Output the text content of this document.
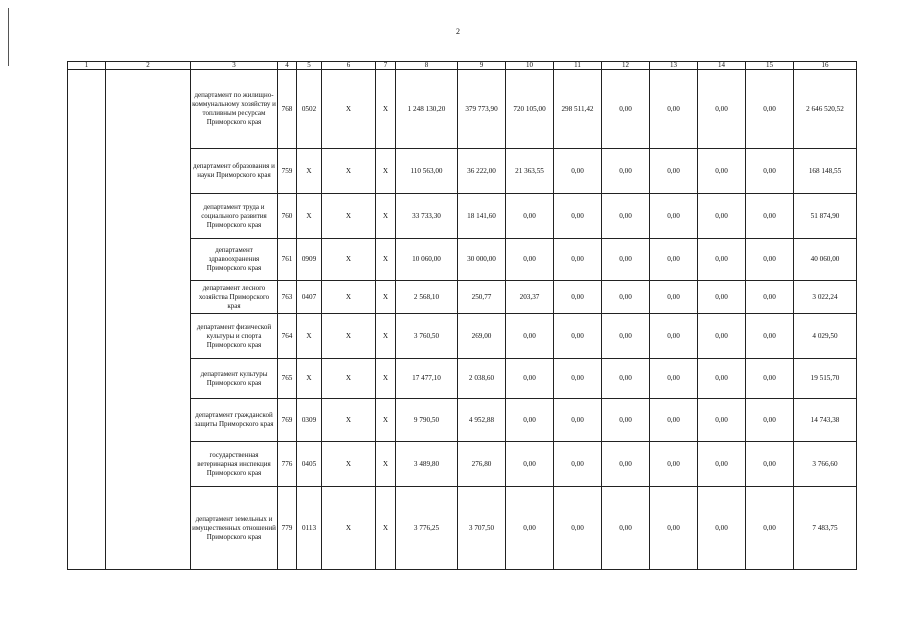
2
1	2	3	4	5	6	7	8	9	10	11	12	13	14	15	16
		департамент по жилищно-коммунальному хозяйству и топливным ресурсам Приморского края	768	0502	X	X	1 248 130,20	379 773,90	720 105,00	298 511,42	0,00	0,00	0,00	0,00	2 646 520,52
		департамент образования и науки Приморского края	759	X	X	X	110 563,00	36 222,00	21 363,55	0,00	0,00	0,00	0,00	0,00	168 148,55
		департамент труда и социального развития Приморского края	760	X	X	X	33 733,30	18 141,60	0,00	0,00	0,00	0,00	0,00	0,00	51 874,90
		департамент здравоохранения Приморского края	761	0909	X	X	10 060,00	30 000,00	0,00	0,00	0,00	0,00	0,00	0,00	40 060,00
		департамент лесного хозяйства Приморского края	763	0407	X	X	2 568,10	250,77	203,37	0,00	0,00	0,00	0,00	0,00	3 022,24
		департамент физической культуры и спорта Приморского края	764	X	X	X	3 760,50	269,00	0,00	0,00	0,00	0,00	0,00	0,00	4 029,50
		департамент культуры Приморского края	765	X	X	X	17 477,10	2 038,60	0,00	0,00	0,00	0,00	0,00	0,00	19 515,70
		департамент гражданской защиты Приморского края	769	0309	X	X	9 790,50	4 952,88	0,00	0,00	0,00	0,00	0,00	0,00	14 743,38
		государственная ветеринарная инспекция Приморского края	776	0405	X	X	3 489,80	276,80	0,00	0,00	0,00	0,00	0,00	0,00	3 766,60
		департамент земельных и имущественных отношений Приморского края	779	0113	X	X	3 776,25	3 707,50	0,00	0,00	0,00	0,00	0,00	0,00	7 483,75
